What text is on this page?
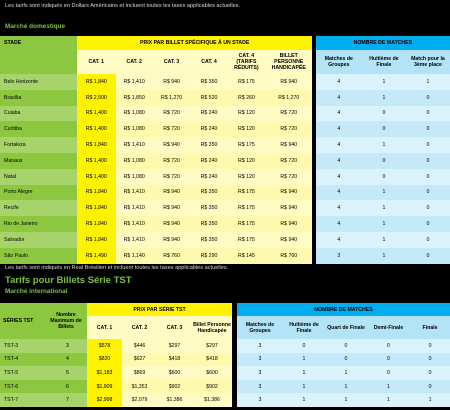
Les tarifs sont indiqués en Dollars Américains et incluent toutes les taxes applicables actuelles.
Marché domestique
STADE	PRIX PAR BILLET SPÉCIFIQUE À UN STADE							NOMBRE DE MATCHES		
	CAT. 1	CAT. 2	CAT. 3	CAT. 4	CAT. 4 (TARIFS RÉDUITS)	BILLET PERSONNE HANDICAPÉE		Matches de Groupes	Huitième de Finale	Match pour la 3ème place
Belo Horizonte	R$ 1,840	R$ 1,410	R$ 940	R$ 350	R$ 175	R$ 940		4	1	1
Brasília	R$ 2,500	R$ 1,850	R$ 1,270	R$ 520	R$ 260	R$ 1,270		4	1	0
Cuiaba	R$ 1,400	R$ 1,080	R$ 720	R$ 240	R$ 120	R$ 720		4	0	0
Curitiba	R$ 1,400	R$ 1,080	R$ 720	R$ 240	R$ 120	R$ 720		4	0	0
Fortaleza	R$ 1,840	R$ 1,410	R$ 940	R$ 350	R$ 175	R$ 940		4	1	0
Manaus	R$ 1,400	R$ 1,080	R$ 720	R$ 240	R$ 120	R$ 720		4	0	0
Natal	R$ 1,400	R$ 1,080	R$ 720	R$ 240	R$ 120	R$ 720		4	0	0
Porto Alegre	R$ 1,840	R$ 1,410	R$ 940	R$ 350	R$ 175	R$ 940		4	1	0
Recife	R$ 1,840	R$ 1,410	R$ 940	R$ 350	R$ 175	R$ 940		4	1	0
Rio de Janeiro	R$ 1,840	R$ 1,410	R$ 940	R$ 350	R$ 175	R$ 940		4	1	0
Salvador	R$ 1,840	R$ 1,410	R$ 940	R$ 350	R$ 175	R$ 940		4	1	0
São Paulo	R$ 1,490	R$ 1,140	R$ 760	R$ 290	R$ 145	R$ 760		3	1	0
Les tarifs sont indiqués en Real Brésilien et incluent toutes les taxes applicables actuelles.
Tarifs pour Billets Série TST
Marché international
SÉRIES TST	Nombre Maximum de Billets	PRIX PAR SÉRIE TST					NOMBRE DE MATCHES				
		CAT. 1	CAT. 2	CAT. 3	Billet Personne Handicapée		Matches de Groupes	Huitième de Finale	Quart de Finale	Demi-Finale	Finale
TST-3	3	$578	$446	$297	$297		3	0	0	0	0
TST-4	4	$820	$627	$418	$418		3	1	0	0	0
TST-5	5	$1,183	$869	$600	$600		3	1	1	0	0
TST-6	6	$1,909	$1,353	$902	$902		3	1	1	1	0
TST-7	7	$2,998	$2,079	$1,386	$1,386		3	1	1	1	1
